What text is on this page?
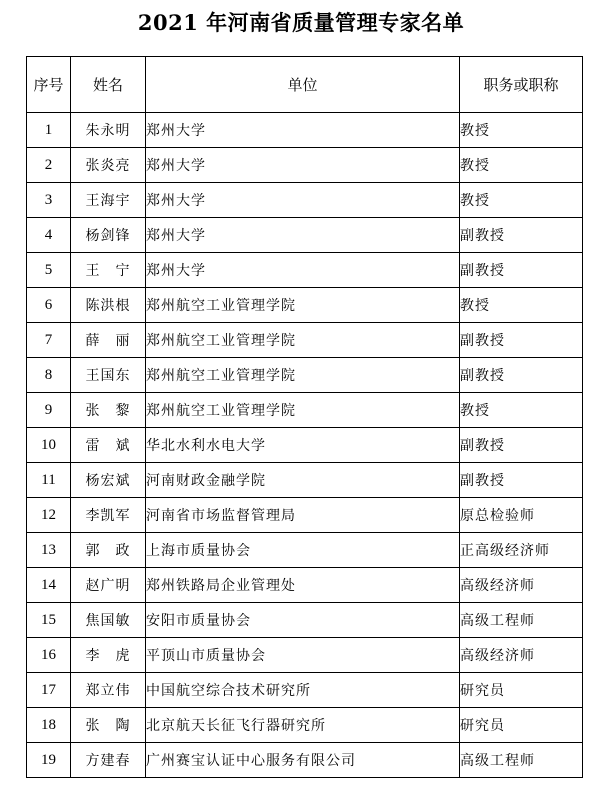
2021 年河南省质量管理专家名单
序号	姓名	单位	职务或职称
1	朱永明	郑州大学	教授
2	张炎亮	郑州大学	教授
3	王海宇	郑州大学	教授
4	杨剑锋	郑州大学	副教授
5	王　宁	郑州大学	副教授
6	陈洪根	郑州航空工业管理学院	教授
7	薛　丽	郑州航空工业管理学院	副教授
8	王国东	郑州航空工业管理学院	副教授
9	张　黎	郑州航空工业管理学院	教授
10	雷　斌	华北水利水电大学	副教授
11	杨宏斌	河南财政金融学院	副教授
12	李凯军	河南省市场监督管理局	原总检验师
13	郭　政	上海市质量协会	正高级经济师
14	赵广明	郑州铁路局企业管理处	高级经济师
15	焦国敏	安阳市质量协会	高级工程师
16	李　虎	平顶山市质量协会	高级经济师
17	郑立伟	中国航空综合技术研究所	研究员
18	张　陶	北京航天长征飞行器研究所	研究员
19	方建春	广州赛宝认证中心服务有限公司	高级工程师
